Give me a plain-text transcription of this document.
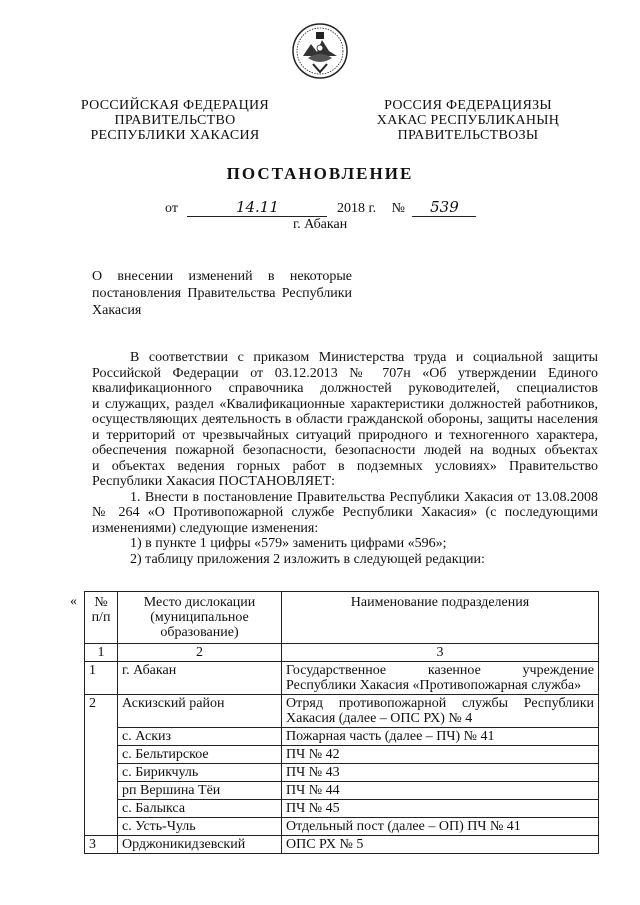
РОССИЙСКАЯ ФЕДЕРАЦИЯ
ПРАВИТЕЛЬСТВО
РЕСПУБЛИКИ ХАКАСИЯ
РОССИЯ ФЕДЕРАЦИЯЗЫ
ХАКАС РЕСПУБЛИКАНЫҢ
ПРАВИТЕЛЬСТВОЗЫ
ПОСТАНОВЛЕНИЕ
от	14.11	2018 г. № 539
г. Абакан
О внесении изменений в некоторые
постановления Правительства Республики
Хакасия
В соответствии с приказом Министерства труда и социальной защиты
Российской Федерации от 03.12.2013 № 707н «Об утверждении Единого
квалификационного справочника должностей руководителей, специалистов
и служащих, раздел «Квалификационные характеристики должностей работников,
осуществляющих деятельность в области гражданской обороны, защиты населения
и территорий от чрезвычайных ситуаций природного и техногенного характера,
обеспечения пожарной безопасности, безопасности людей на водных объектах
и объектах ведения горных работ в подземных условиях» Правительство
Республики Хакасия ПОСТАНОВЛЯЕТ:
1. Внести в постановление Правительства Республики Хакасия от 13.08.2008
№ 264 «О Противопожарной службе Республики Хакасия» (с последующими
изменениями) следующие изменения:
1) в пункте 1 цифры «579» заменить цифрами «596»;
2) таблицу приложения 2 изложить в следующей редакции:
« № п/п	Место дислокации (муниципальное образование)	Наименование подразделения
1	2	3
1	г. Абакан	Государственное казенное учреждение
Республики Хакасия «Противопожарная служба»

2	Аскизский район	Отряд противопожарной службы Республики
Хакасия (далее – ОПС РХ) № 4

	с. Аскиз	Пожарная часть (далее – ПЧ) № 41
	с. Бельтирское	ПЧ № 42
	с. Бирикчуль	ПЧ № 43
	рп Вершина Тёи	ПЧ № 44
	с. Балыкса	ПЧ № 45
	с. Усть-Чуль	Отдельный пост (далее – ОП) ПЧ № 41
3	Орджоникидзевский	ОПС РХ № 5
